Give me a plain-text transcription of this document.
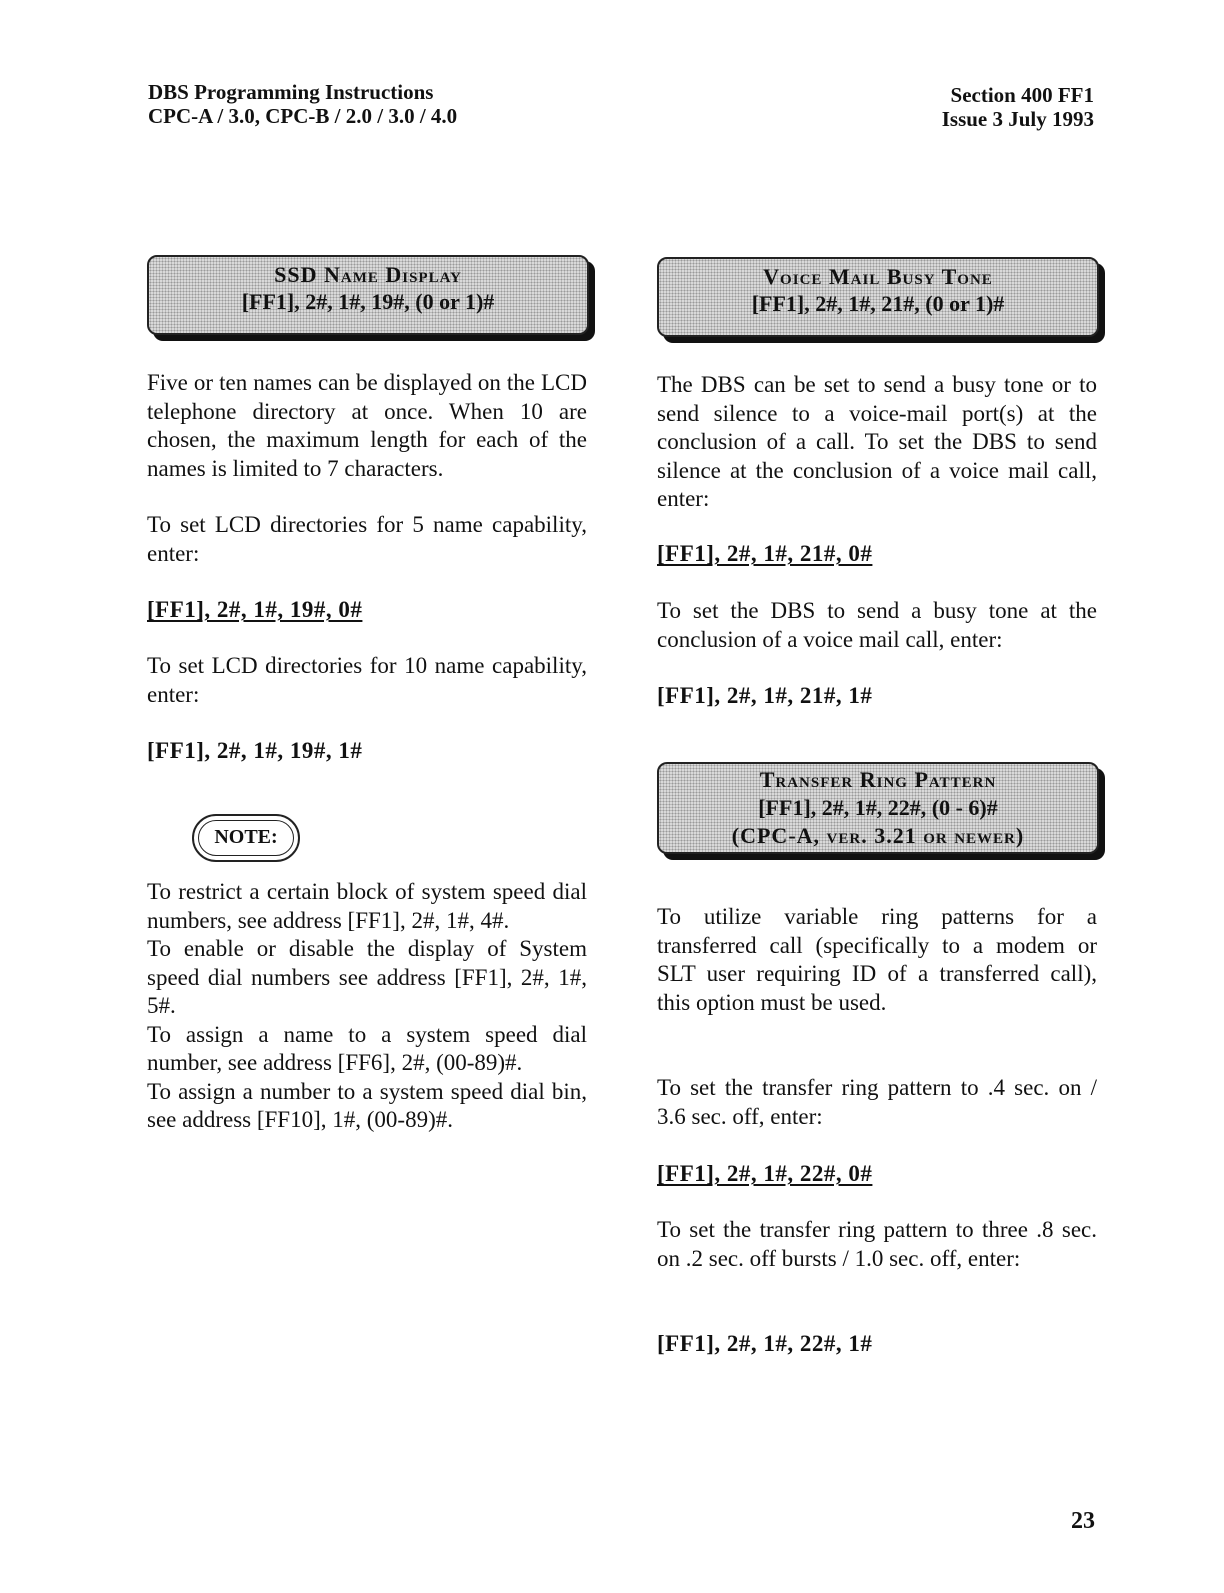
DBS Programming Instructions
CPC-A / 3.0, CPC-B / 2.0 / 3.0 / 4.0
Section 400 FF1
Issue 3 July 1993
SSD Name Display
[FF1], 2#, 1#, 19#, (0 or 1)#

Five or ten names can be displayed on the LCD telephone directory at once. When 10 are chosen, the maximum length for each of the names is limited to 7 characters.

To set LCD directories for 5 name capability, enter:

[FF1], 2#, 1#, 19#, 0#

To set LCD directories for 10 name capability, enter:

[FF1], 2#, 1#, 19#, 1#
NOTE:

To restrict a certain block of system speed dial numbers, see address [FF1], 2#, 1#, 4#.

To enable or disable the display of System speed dial numbers see address [FF1], 2#, 1#, 5#.

To assign a name to a system speed dial number, see address [FF6], 2#, (00-89)#.

To assign a number to a system speed dial bin, see address [FF10], 1#, (00-89)#.

Voice Mail Busy Tone
[FF1], 2#, 1#, 21#, (0 or 1)#

The DBS can be set to send a busy tone or to send silence to a voice-mail port(s) at the conclusion of a call. To set the DBS to send silence at the conclusion of a voice mail call, enter:

[FF1], 2#, 1#, 21#, 0#

To set the DBS to send a busy tone at the conclusion of a voice mail call, enter:

[FF1], 2#, 1#, 21#, 1#
Transfer Ring Pattern
[FF1], 2#, 1#, 22#, (0 - 6)#
(CPC-A, ver. 3.21 or newer)

To utilize variable ring patterns for a transferred call (specifically to a modem or SLT user requiring ID of a transferred call), this option must be used.

To set the transfer ring pattern to .4 sec. on / 3.6 sec. off, enter:

[FF1], 2#, 1#, 22#, 0#

To set the transfer ring pattern to three .8 sec. on .2 sec. off bursts / 1.0 sec. off, enter:

[FF1], 2#, 1#, 22#, 1#
23
